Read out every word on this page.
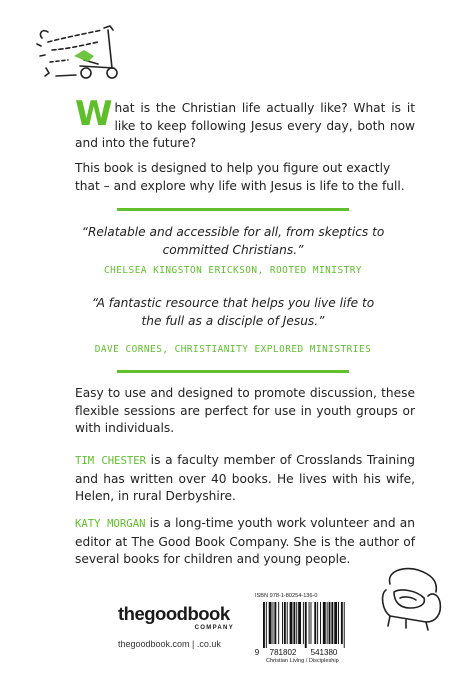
What is the Christian life actually like? What is it like to keep following Jesus every day, both now and into the future?

This book is designed to help you figure out exactly that – and explore why life with Jesus is life to the full.

“Relatable and accessible for all, from skeptics to committed Christians.”

CHELSEA KINGSTON ERICKSON, ROOTED MINISTRY

“A fantastic resource that helps you live life to the full as a disciple of Jesus.”

DAVE CORNES, CHRISTIANITY EXPLORED MINISTRIES

Easy to use and designed to promote discussion, these flexible sessions are perfect for use in youth groups or with individuals.

TIM CHESTER is a faculty member of Crosslands Training and has written over 40 books. He lives with his wife, Helen, in rural Derbyshire.

KATY MORGAN is a long-time youth work volunteer and an editor at The Good Book Company. She is the author of several books for children and young people.

thegoodbook
COMPANY
thegoodbook.com | .co.uk
ISBN 978-1-80254-136-0
9 781802 541380
Christian Living / Discipleship
